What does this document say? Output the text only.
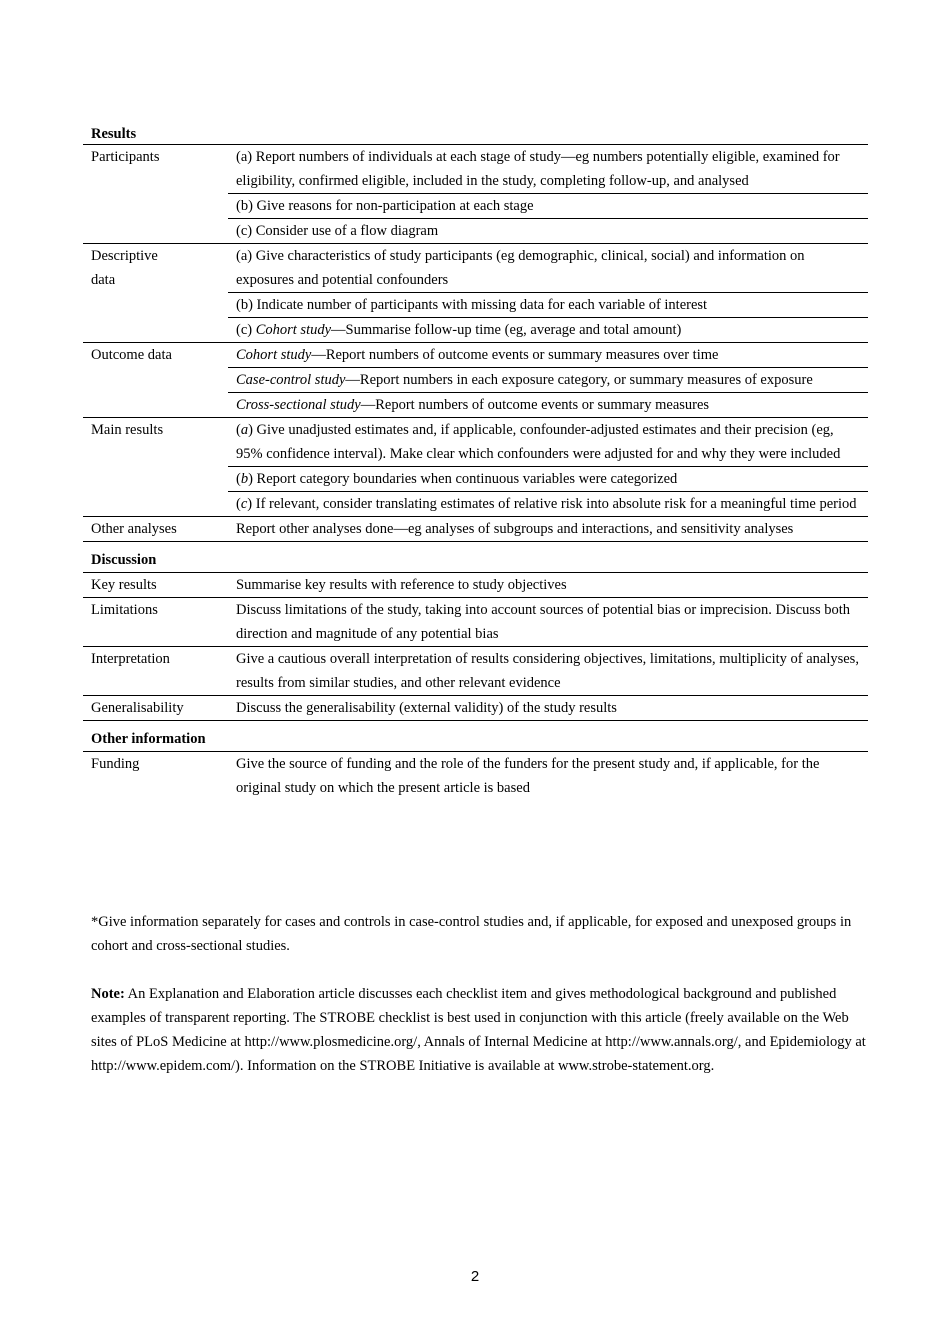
Results	
Participants	(a) Report numbers of individuals at each stage of study—eg numbers potentially eligible, examined for eligibility, confirmed eligible, included in the study, completing follow-up, and analysed
	(b) Give reasons for non-participation at each stage
	(c) Consider use of a flow diagram

Descriptive data	(a) Give characteristics of study participants (eg demographic, clinical, social) and information on exposures and potential confounders
	(b) Indicate number of participants with missing data for each variable of interest
	(c) Cohort study—Summarise follow-up time (eg, average and total amount)
Outcome data	Cohort study—Report numbers of outcome events or summary measures over time
	Case-control study—Report numbers in each exposure category, or summary measures of exposure
	Cross-sectional study—Report numbers of outcome events or summary measures
Main results	(a) Give unadjusted estimates and, if applicable, confounder-adjusted estimates and their precision (eg, 95% confidence interval). Make clear which confounders were adjusted for and why they were included
	(b) Report category boundaries when continuous variables were categorized
	(c) If relevant, consider translating estimates of relative risk into absolute risk for a meaningful time period
Other analyses	Report other analyses done—eg analyses of subgroups and interactions, and sensitivity analyses
Discussion	
Key results	Summarise key results with reference to study objectives
Limitations	Discuss limitations of the study, taking into account sources of potential bias or imprecision. Discuss both direction and magnitude of any potential bias
Interpretation	Give a cautious overall interpretation of results considering objectives, limitations, multiplicity of analyses, results from similar studies, and other relevant evidence
Generalisability	Discuss the generalisability (external validity) of the study results
Other information	
Funding	Give the source of funding and the role of the funders for the present study and, if applicable, for the original study on which the present article is based

*Give information separately for cases and controls in case-control studies and, if applicable, for exposed and unexposed groups in cohort and cross-sectional studies.

Note: An Explanation and Elaboration article discusses each checklist item and gives methodological background and published examples of transparent reporting. The STROBE checklist is best used in conjunction with this article (freely available on the Web sites of PLoS Medicine at http://www.plosmedicine.org/, Annals of Internal Medicine at http://www.annals.org/, and Epidemiology at http://www.epidem.com/). Information on the STROBE Initiative is available at www.strobe-statement.org.

2
